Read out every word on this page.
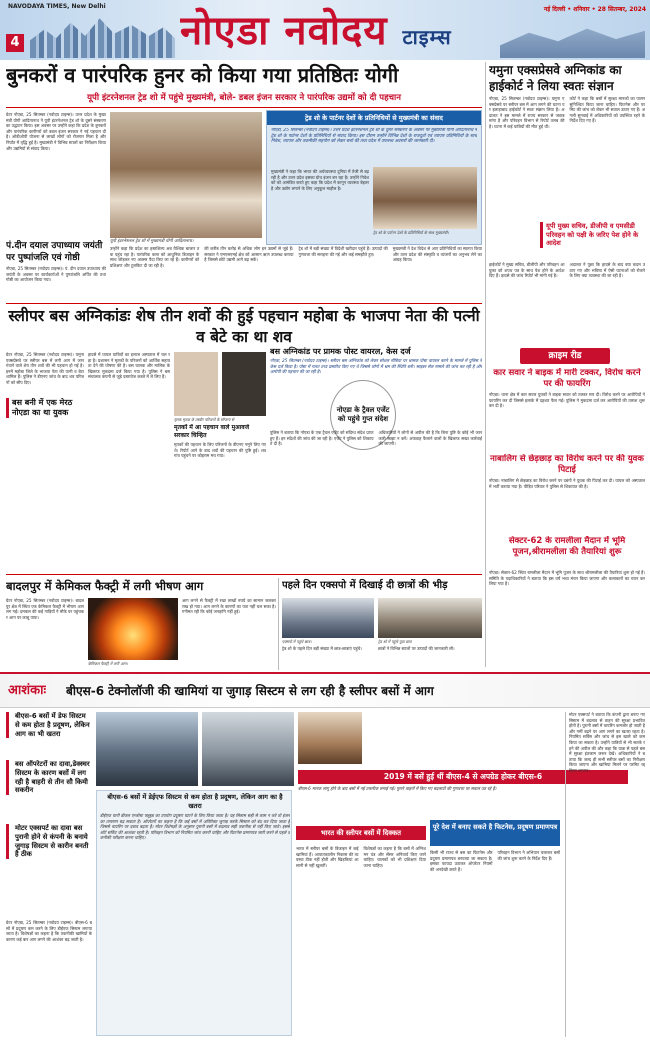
NAVODAYA TIMES, New Delhi
4	नोएडा नवोदय टाइम्स
नई दिल्ली • शनिवार • 28 सितम्बर, 2024
बुनकरों व पारंपरिक हुनर को किया गया प्रतिष्ठितः योगी
यूपी इंटरनेशनल ट्रेड शो में पहुंचे मुख्यमंत्री, बोले- डबल इंजन सरकार ने पारंपरिक उद्यमों को दी पहचान
ग्रेटर नोएडा, 25 सितम्बर (नवोदय टाइम्स)। उत्तर प्रदेश के मुख्यमंत्री योगी आदित्यनाथ ने यूपी इंटरनेशनल ट्रेड शो के दूसरे संस्करण का उद्घाटन किया। इस अवसर पर उन्होंने कहा कि प्रदेश के बुनकरों और पारंपरिक कारीगरों को डबल इंजन सरकार ने नई पहचान दी है। ओडीओपी योजना से लाखों लोगों को रोजगार मिला है और निर्यात में वृद्धि हुई है। मुख्यमंत्री ने विभिन्न स्टालों का निरीक्षण किया और उद्यमियों से संवाद किया।
यूपी इंटरनेशनल ट्रेड शो में मुख्यमंत्री योगी आदित्यनाथ।
ट्रेड शो के पार्टनर देशों के प्रतिनिधियों से मुख्यमंत्री का संवाद
नोएडा, 25 सितम्बर (नवोदय टाइम्स)। उत्तर प्रदेश इंटरनेशनल ट्रेड शो के दूसरे संस्करण के अवसर पर मुख्यमंत्री योगी आदित्यनाथ ने ट्रेड शो के पार्टनर देशों के प्रतिनिधियों से संवाद किया। इस दौरान उन्होंने विभिन्न देशों के राजदूतों एवं व्यापार प्रतिनिधियों के साथ निवेश, व्यापार और तकनीकी सहयोग को लेकर चर्चा की तथा प्रदेश में उपलब्ध अवसरों की जानकारी दी।
ट्रेड शो के पार्टनर देशों के प्रतिनिधियों के साथ मुख्यमंत्री।
मुख्यमंत्री ने कहा कि भारत की अर्थव्यवस्था दुनिया में तेजी से बढ़ रही है और उत्तर प्रदेश इसका ग्रोथ इंजन बन रहा है। उन्होंने निवेशकों को आमंत्रित करते हुए कहा कि प्रदेश में कानून व्यवस्था बेहतर है और उद्योग लगाने के लिए अनुकूल माहौल है।
उन्होंने कहा कि प्रदेश का हस्तशिल्प अब वैश्विक बाजार तक पहुंच रहा है। पारंपरिक कला को आधुनिक डिजाइन के साथ जोड़कर नए अवसर पैदा किए जा रहे हैं। कारीगरों को प्रशिक्षण और टूलकिट दी जा रही है।
की करीब तीन करोड़ से अधिक लोग इन उद्यमों से जुड़े हैं। सरकार ने एमएसएमई क्षेत्र को आसान ऋण उपलब्ध कराया है जिससे छोटे उद्यमी आगे बढ़ सकें।
ट्रेड शो में बड़ी संख्या में विदेशी खरीदार पहुंचे हैं। उत्पादों की गुणवत्ता की सराहना की गई और कई समझौते हुए।
मुख्यमंत्री ने देश विदेश से आए प्रतिनिधियों का स्वागत किया और उत्तर प्रदेश की संस्कृति व व्यंजनों का अनुभव लेने का आग्रह किया।
पं.दीन दयाल उपाध्याय जयंती पर पुष्पांजलि एवं गोष्ठी
नोएडा, 25 सितम्बर (नवोदय टाइम्स)। पं. दीन दयाल उपाध्याय की जयंती के अवसर पर कार्यकर्ताओं ने पुष्पांजलि अर्पित की तथा गोष्ठी का आयोजन किया गया।
यमुना एक्सप्रेसवे अग्निकांड का हाईकोर्ट ने लिया स्वतः संज्ञान
नोएडा, 25 सितम्बर (नवोदय टाइम्स)। यमुना एक्सप्रेसवे पर स्लीपर बस में आग लगने की घटना पर इलाहाबाद हाईकोर्ट ने स्वतः संज्ञान लिया है। अदालत ने इस मामले में राज्य सरकार से जवाब मांगा है और परिवहन विभाग से रिपोर्ट तलब की है। घटना में कई यात्रियों की मौत हुई थी।
कोर्ट ने कहा कि बसों में सुरक्षा मानकों का पालन सुनिश्चित किया जाना चाहिए। फिटनेस और परमिट की जांच को लेकर भी सवाल उठाए गए हैं। अगली सुनवाई में अधिकारियों को उपस्थित रहने के निर्देश दिए गए हैं।
यूपी मुख्य सचिव, डीजीपी व एमसीडी परिवहन को पक्षी के जरिए पेश होने के आदेश
हाईकोर्ट ने मुख्य सचिव, डीजीपी और परिवहन आयुक्त को शपथ पत्र के साथ पेश होने के आदेश दिए हैं। हादसे की जांच रिपोर्ट भी मांगी गई है।
अदालत ने पूछा कि हादसे के बाद क्या कदम उठाए गए और भविष्य में ऐसी घटनाओं को रोकने के लिए क्या व्यवस्था की जा रही है।
स्लीपर बस अग्निकांडः शेष तीन शवों की हुई पहचान महोबा के भाजपा नेता की पत्नी व बेटे का था शव
ग्रेटर नोएडा, 25 सितम्बर (नवोदय टाइम्स)। यमुना एक्सप्रेसवे पर स्लीपर बस में लगी आग में जान गंवाने वाले शेष तीन शवों की भी पहचान हो गई है। इनमें महोबा जिले के भाजपा नेता की पत्नी व बेटा शामिल हैं। पुलिस ने डीएनए जांच के बाद शव परिजनों को सौंप दिए।
बस बनी में एक मेरठ नोएडा का था युवक
हादसे में घायल यात्रियों का इलाज अस्पताल में चल रहा है। प्रशासन ने मृतकों के परिजनों को आर्थिक सहायता देने की घोषणा की है। बस चालक और मालिक के खिलाफ मुकदमा दर्ज किया गया है। पुलिस ने बस संचालक कंपनी से जुड़े दस्तावेज कब्जे में ले लिए हैं।
मृतक मृतक के तस्वीर परिजनों के सौजन्य से
मृतकों में आ पहचान वाले मुआवजे सरकार चिन्हित
मृतकों की पहचान के लिए परिजनों के डीएनए नमूने लिए गए थे। रिपोर्ट आने के बाद शवों की पहचान की पुष्टि हुई। शव गांव पहुंचने पर कोहराम मच गया।
बस अग्निकांड पर प्रामक पोस्ट वायरल, केस दर्ज
नोएडा, 25 सितम्बर (नवोदय टाइम्स)। स्लीपर बस अग्निकांड को लेकर सोशल मीडिया पर भ्रामक पोस्ट वायरल करने के मामले में पुलिस ने केस दर्ज किया है। पोस्ट में गलत तथ्य प्रसारित किए गए थे जिससे लोगों में भ्रम की स्थिति बनी। साइबर सेल मामले की जांच कर रही है और आरोपी की पहचान की जा रही है।
नोएडा के ट्रैवल एजेंट को पहुंचे गुप्त संदेश
पुलिस ने बताया कि नोएडा के एक ट्रैवल एजेंट को संदिग्ध संदेश प्राप्त हुए हैं। इन संदेशों की जांच की जा रही है। एजेंट ने पुलिस को शिकायत दी है।
अधिकारियों ने लोगों से अपील की है कि बिना पुष्टि के कोई भी जानकारी साझा न करें। अफवाह फैलाने वालों के खिलाफ सख्त कार्रवाई की जाएगी।
क्राइम रीड
कार सवार ने बाइक में मारी टक्कर, विरोध करने पर की फायरिंग
नोएडा। थाना क्षेत्र में कार सवार युवकों ने बाइक सवार को टक्कर मार दी। विरोध करने पर आरोपियों ने फायरिंग कर दी जिससे इलाके में दहशत फैल गई। पुलिस ने मुकदमा दर्ज कर आरोपियों की तलाश शुरू कर दी है।
नाबालिग से छेड़छाड़ का विरोध करने पर की युवक पिटाई
नोएडा। नाबालिग से छेड़छाड़ का विरोध करने पर दबंगों ने युवक की पिटाई कर दी। घायल को अस्पताल में भर्ती कराया गया है। पीड़ित परिवार ने पुलिस से शिकायत की है।
सेक्टर-62 के रामलीला मैदान में भूमि पूजन,श्रीरामलीला की तैयारियां शुरू
नोएडा। सेक्टर-62 स्थित रामलीला मैदान में भूमि पूजन के साथ श्रीरामलीला की तैयारियां शुरू हो गई हैं। समिति के पदाधिकारियों ने बताया कि इस वर्ष भव्य मंचन किया जाएगा और कलाकारों का चयन कर लिया गया है।
बादलपुर में केमिकल फैक्ट्री में लगी भीषण आग
ग्रेटर नोएडा, 25 सितम्बर (नवोदय टाइम्स)। बादलपुर क्षेत्र में स्थित एक केमिकल फैक्ट्री में भीषण आग लग गई। दमकल की कई गाड़ियों ने मौके पर पहुंचकर आग पर काबू पाया।
केमिकल फैक्ट्री में लगी आग।
आग लगने से फैक्ट्री में रखा लाखों रुपये का सामान जलकर राख हो गया। आग लगने के कारणों का पता नहीं चल सका है। गनीमत रही कि कोई जनहानि नहीं हुई।
पहले दिन एक्सपो में दिखाई दी छात्रों की भीड़
एक्सपो में पहुंचे छात्र।
ट्रेड शो के पहले दिन बड़ी संख्या में छात्र-छात्राएं पहुंचे।
ट्रेड शो में पहुंचे युवा छात्र
छात्रों ने विभिन्न स्टालों पर उत्पादों की जानकारी ली।
आशंकाः बीएस-6 टेक्नोलॉजी की खामियां या जुगाड़ सिस्टम से लग रही है स्लीपर बसों में आग
बीएस-6 बसों में डेफ सिस्टम से कम होता है प्रदूषण, लेकिन आग का भी खतरा
बस ऑपरेटरों का दावा,डेक्स्चर सिस्टम के कारण बसों में लग रही है बाहरी से तीन सौ किमी सकरीन
मोटर एक्सपर्ट का दावा बस पुरानी होने से कंपनी के बनाये जुगाड़ सिस्टम से कारीन बनती है ठीक
ग्रेटर नोएडा, 25 सितम्बर (नवोदय टाइम्स)। बीएस-6 बसों में प्रदूषण कम करने के लिए डीईएफ सिस्टम लगाया जाता है। विशेषज्ञों का कहना है कि तकनीकी खामियों के कारण कई बार आग लगने की आशंका बढ़ जाती है।
2019 में बसें हुई थीं बीएस-4 से अपग्रेड होकर बीएस-6
बीएस-6 मानक लागू होने के बाद बसों में नई तकनीक लगाई गई। पुराने वाहनों में किए गए बदलावों की गुणवत्ता पर सवाल उठ रहे हैं।
बीएस-6 बसों में डेईएफ सिस्टम से कम होता है प्रदूषण, लेकिन आग का है खतरा
डीईएफ यानी डीजल एग्जॉस्ट फ्लूइड का उपयोग प्रदूषण घटाने के लिए किया जाता है। यह सिस्टम सही से काम न करे तो इंजन का तापमान बढ़ सकता है। ऑपरेटरों का कहना है कि कई बसों में अतिरिक्त जुगाड़ करके सिस्टम को बंद कर दिया जाता है जिससे वायरिंग पर दबाव बढ़ता है। मोटर विशेषज्ञों के अनुसार पुरानी बसों में बदलाव सही तकनीक से नहीं किए जाते। इससे शॉर्ट सर्किट की आशंका रहती है। परिवहन विभाग को नियमित जांच करनी चाहिए और फिटनेस प्रमाणपत्र जारी करने से पहले तकनीकी परीक्षण करना चाहिए।
भारत की स्लीपर बसों में दिक्कत
पूरे देश में बनाए सकते है फिटनेस, प्रदूषण प्रमाणपत्र
भारत में स्लीपर बसों के डिजाइन में कई खामियां हैं। आपातकालीन निकास की व्यवस्था ठीक नहीं होती और खिड़कियां आसानी से नहीं खुलतीं।
विशेषज्ञों का कहना है कि बसों में अग्निशमन यंत्र और सेंसर अनिवार्य किए जाने चाहिए। चालकों को भी प्रशिक्षण दिया जाना चाहिए।
किसी भी राज्य से बस का फिटनेस और प्रदूषण प्रमाणपत्र बनवाया जा सकता है। इसका फायदा उठाकर ऑपरेटर नियमों की अनदेखी करते हैं।
परिवहन विभाग ने अभियान चलाकर बसों की जांच शुरू करने के निर्देश दिए हैं।
मोटर एक्सपर्ट ने बताया कि कंपनी द्वारा बनाए गए सिस्टम में बदलाव से वाहन की सुरक्षा प्रभावित होती है। पुरानी बसों में वायरिंग कमजोर हो जाती है और गर्मी बढ़ने पर आग लगने का खतरा रहता है। नियमित सर्विस और जांच से इस खतरे को कम किया जा सकता है। उन्होंने यात्रियों से भी सतर्क रहने की अपील की और कहा कि यात्रा से पहले बस में सुरक्षा इंतजाम जरूर देखें। अधिकारियों ने बताया कि जल्द ही सभी स्लीपर बसों का निरीक्षण किया जाएगा और खामियां मिलने पर परमिट रद्द किया जाएगा।
